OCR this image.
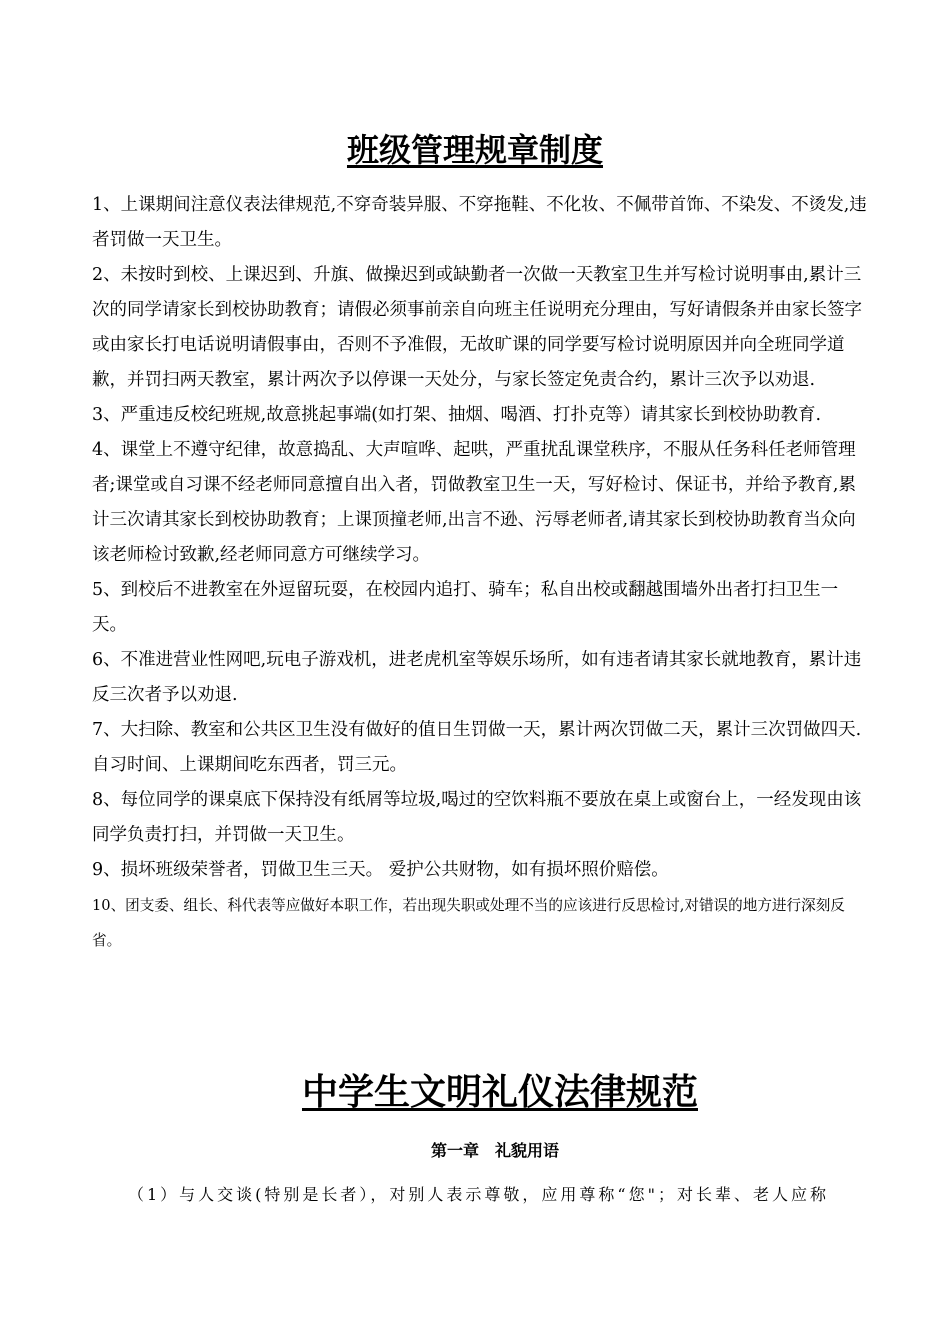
班级管理规章制度

1、上课期间注意仪表法律规范,不穿奇装异服、不穿拖鞋、不化妆、不佩带首饰、不染发、不烫发,违者罚做一天卫生。

2、未按时到校、上课迟到、升旗、做操迟到或缺勤者一次做一天教室卫生并写检讨说明事由,累计三次的同学请家长到校协助教育；请假必须事前亲自向班主任说明充分理由，写好请假条并由家长签字或由家长打电话说明请假事由，否则不予准假，无故旷课的同学要写检讨说明原因并向全班同学道歉，并罚扫两天教室，累计两次予以停课一天处分，与家长签定免责合约，累计三次予以劝退.

3、严重违反校纪班规,故意挑起事端(如打架、抽烟、喝酒、打扑克等）请其家长到校协助教育.

4、课堂上不遵守纪律，故意捣乱、大声喧哗、起哄，严重扰乱课堂秩序，不服从任务科任老师管理者;课堂或自习课不经老师同意擅自出入者，罚做教室卫生一天，写好检讨、保证书，并给予教育,累计三次请其家长到校协助教育；上课顶撞老师,出言不逊、污辱老师者,请其家长到校协助教育当众向该老师检讨致歉,经老师同意方可继续学习。

5、到校后不进教室在外逗留玩耍，在校园内追打、骑车；私自出校或翻越围墙外出者打扫卫生一天。

6、不准进营业性网吧,玩电子游戏机，进老虎机室等娱乐场所，如有违者请其家长就地教育，累计违反三次者予以劝退.

7、大扫除、教室和公共区卫生没有做好的值日生罚做一天，累计两次罚做二天，累计三次罚做四天.自习时间、上课期间吃东西者，罚三元。

8、每位同学的课桌底下保持没有纸屑等垃圾,喝过的空饮料瓶不要放在桌上或窗台上，一经发现由该同学负责打扫，并罚做一天卫生。

9、损坏班级荣誉者，罚做卫生三天。 爱护公共财物，如有损坏照价赔偿。

10、团支委、组长、科代表等应做好本职工作，若出现失职或处理不当的应该进行反思检讨,对错误的地方进行深刻反省。

中学生文明礼仪法律规范
第一章　礼貌用语
（1）与人交谈(特别是长者），对别人表示尊敬，应用尊称“您"；对长辈、老人应称
